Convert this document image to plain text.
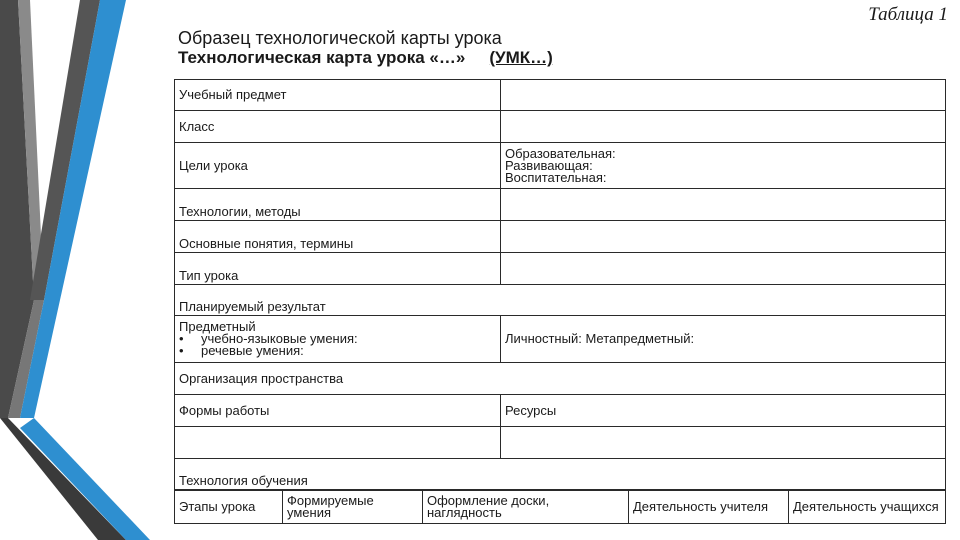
Таблица 1
Образец технологической карты урока
Технологическая карта урока «…» (УМК…)
Учебный предмет	
Класс	
Цели урока	Образовательная:
Развивающая:
Воспитательная:

Технологии, методы	
Основные понятия, термины	
Тип урока	
Планируемый результат	

Предметный
• учебно-языковые умения:
• речевые умения:	Личностный: Метапредметный:
Организация пространства	
Формы работы	Ресурсы

Технология обучения	
Этапы урока	Формируемые умения	Оформление доски, наглядность	Деятельность учителя	Деятельность учащихся
